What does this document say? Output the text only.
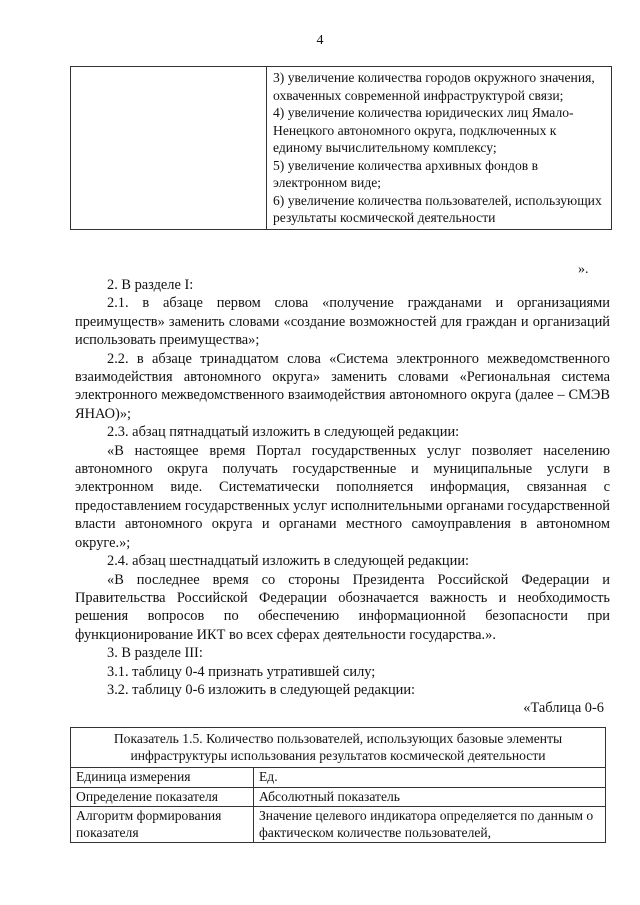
4

3) увеличение количества городов окружного значения, охваченных современной инфраструктурой связи;

4) увеличение количества юридических лиц Ямало-Ненецкого автономного округа, подключенных к единому вычислительному комплексу;

5) увеличение количества архивных фондов в электронном виде;

6) увеличение количества пользователей, использующих результаты космической деятельности

».

2. В разделе I:

2.1. в абзаце первом слова «получение гражданами и организациями преимуществ» заменить словами «создание возможностей для граждан и организаций использовать преимущества»;

2.2. в абзаце тринадцатом слова «Система электронного межведомственного взаимодействия автономного округа» заменить словами «Региональная система электронного межведомственного взаимодействия автономного округа (далее – СМЭВ ЯНАО)»;

2.3. абзац пятнадцатый изложить в следующей редакции:

«В настоящее время Портал государственных услуг позволяет населению автономного округа получать государственные и муниципальные услуги в электронном виде. Систематически пополняется информация, связанная с предоставлением государственных услуг исполнительными органами государственной власти автономного округа и органами местного самоуправления в автономном округе.»;

2.4. абзац шестнадцатый изложить в следующей редакции:

«В последнее время со стороны Президента Российской Федерации и Правительства Российской Федерации обозначается важность и необходимость решения вопросов по обеспечению информационной безопасности при функционирование ИКТ во всех сферах деятельности государства.».

3. В разделе III:

3.1. таблицу 0-4 признать утратившей силу;

3.2. таблицу 0-6 изложить в следующей редакции:

«Таблица 0-6
Показатель 1.5. Количество пользователей, использующих базовые элементы инфраструктуры использования результатов космической деятельности	
Единица измерения	Ед.
Определение показателя	Абсолютный показатель
Алгоритм формирования показателя	Значение целевого индикатора определяется по данным о фактическом количестве пользователей,
